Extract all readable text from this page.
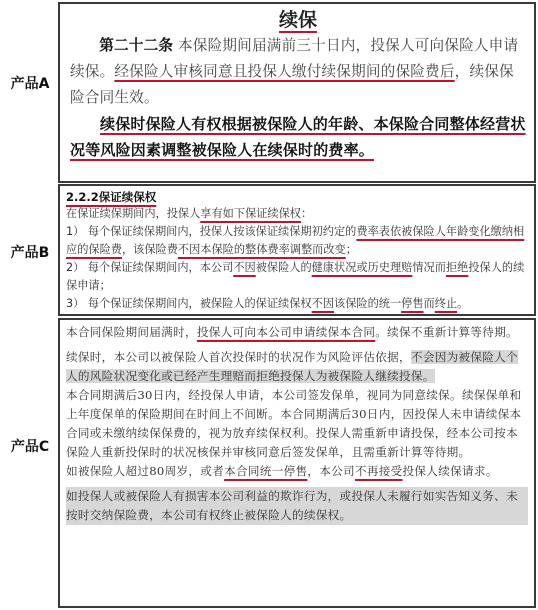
产品A
产品B
产品C
续保

第二十二条 本保险期间届满前三十日内，投保人可向保险人申请续保。经保险人审核同意且投保人缴付续保期间的保险费后，续保保险合同生效。

续保时保险人有权根据被保险人的年龄、本保险合同整体经营状况等风险因素调整被保险人在续保时的费率。

2.2.2保证续保权
在保证续保期间内，投保人享有如下保证续保权：
1） 每个保证续保期间内，投保人按该保证续保期初约定的费率表依被保险人年龄变化缴纳相应的保险费，该保险费不因本保险的整体费率调整而改变；
2） 每个保证续保期间内，本公司不因被保险人的健康状况或历史理赔情况而拒绝投保人的续保申请；
3） 每个保证续保期间内，被保险人的保证续保权不因该保险的统一停售而终止。

本合同保险期间届满时，投保人可向本公司申请续保本合同。续保不重新计算等待期。

续保时，本公司以被保险人首次投保时的状况作为风险评估依据，不会因为被保险人个人的风险状况变化或已经产生理赔而拒绝投保人为被保险人继续投保。

本合同期满后30日内，经投保人申请，本公司签发保单，视同为同意续保。续保保单和上年度保单的保险期间在时间上不间断。本合同期满后30日内，因投保人未申请续保本合同或未缴纳续保保费的，视为放弃续保权利。投保人需重新申请投保，经本公司按本保险人重新投保时的状况核保并审核同意后签发保单，且需重新计算等待期。

如被保险人超过80周岁，或者本合同统一停售，本公司不再接受投保人续保请求。

如投保人或被保险人有损害本公司利益的欺诈行为，或投保人未履行如实告知义务、未按时交纳保险费，本公司有权终止被保险人的续保权。
